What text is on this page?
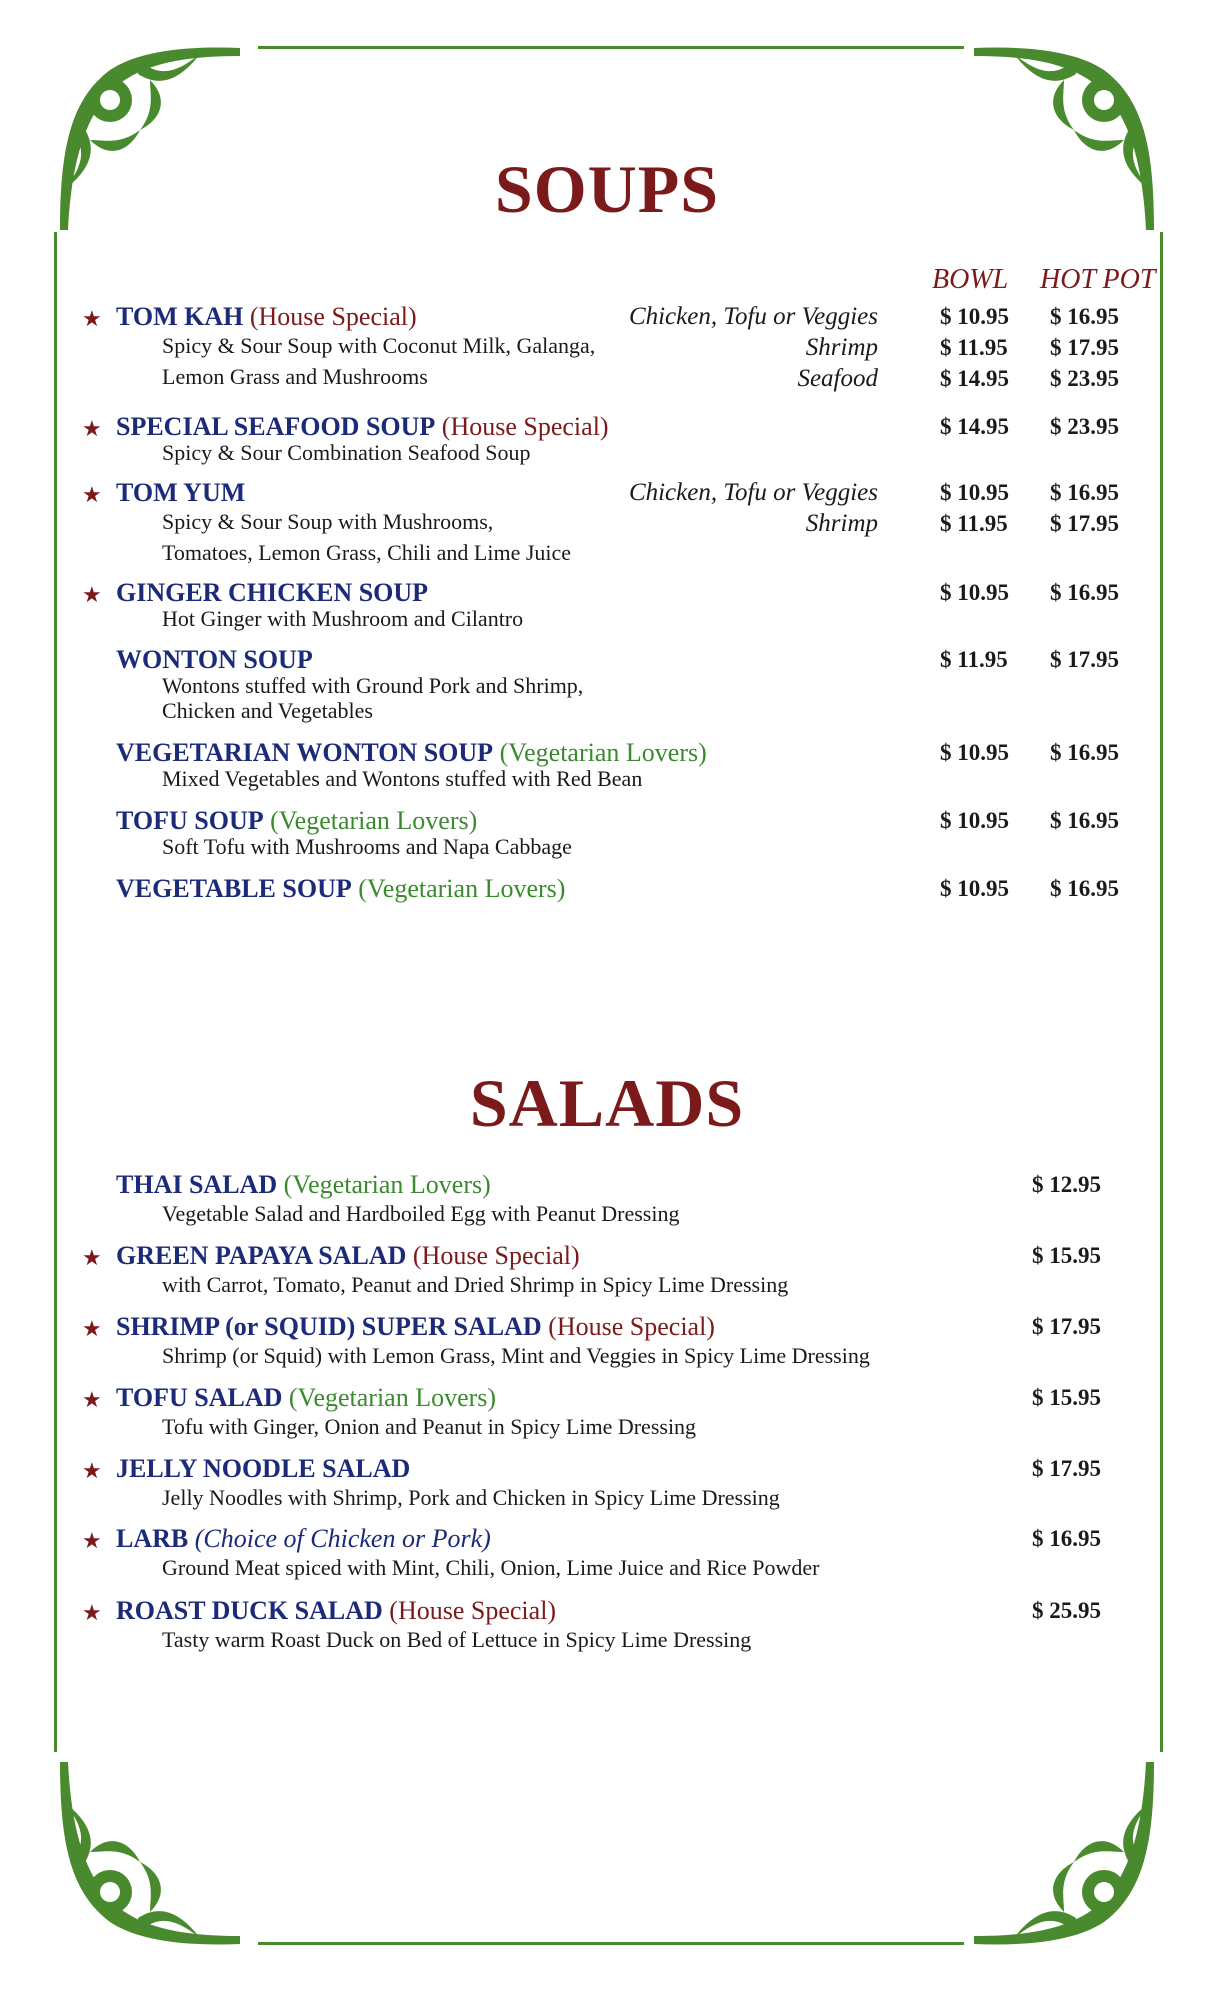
SOUPS
BOWL HOT POT
★ TOM KAH (House Special)	Chicken, Tofu or Veggies	$ 10.95 $ 16.95
Shrimp	$ 11.95 $ 17.95
Seafood	$ 14.95 $ 23.95
Spicy & Sour Soup with Coconut Milk, Galanga,
Lemon Grass and Mushrooms
★ SPECIAL SEAFOOD SOUP (House Special)	$ 14.95 $ 23.95
Spicy & Sour Combination Seafood Soup
★ TOM YUM	Chicken, Tofu or Veggies	$ 10.95 $ 16.95
Shrimp	$ 11.95 $ 17.95
Spicy & Sour Soup with Mushrooms,
Tomatoes, Lemon Grass, Chili and Lime Juice
★ GINGER CHICKEN SOUP	$ 10.95 $ 16.95
Hot Ginger with Mushroom and Cilantro
WONTON SOUP	$ 11.95 $ 17.95
Wontons stuffed with Ground Pork and Shrimp,
Chicken and Vegetables
VEGETARIAN WONTON SOUP (Vegetarian Lovers)	$ 10.95 $ 16.95
Mixed Vegetables and Wontons stuffed with Red Bean
TOFU SOUP (Vegetarian Lovers)	$ 10.95 $ 16.95
Soft Tofu with Mushrooms and Napa Cabbage
VEGETABLE SOUP (Vegetarian Lovers)	$ 10.95 $ 16.95
SALADS
THAI SALAD (Vegetarian Lovers)	$ 12.95
Vegetable Salad and Hardboiled Egg with Peanut Dressing
★ GREEN PAPAYA SALAD (House Special)	$ 15.95
with Carrot, Tomato, Peanut and Dried Shrimp in Spicy Lime Dressing
★ SHRIMP (or SQUID) SUPER SALAD (House Special)	$ 17.95
Shrimp (or Squid) with Lemon Grass, Mint and Veggies in Spicy Lime Dressing
★ TOFU SALAD (Vegetarian Lovers)	$ 15.95
Tofu with Ginger, Onion and Peanut in Spicy Lime Dressing
★ JELLY NOODLE SALAD	$ 17.95
Jelly Noodles with Shrimp, Pork and Chicken in Spicy Lime Dressing
★ LARB (Choice of Chicken or Pork)	$ 16.95
Ground Meat spiced with Mint, Chili, Onion, Lime Juice and Rice Powder
★ ROAST DUCK SALAD (House Special)	$ 25.95
Tasty warm Roast Duck on Bed of Lettuce in Spicy Lime Dressing
